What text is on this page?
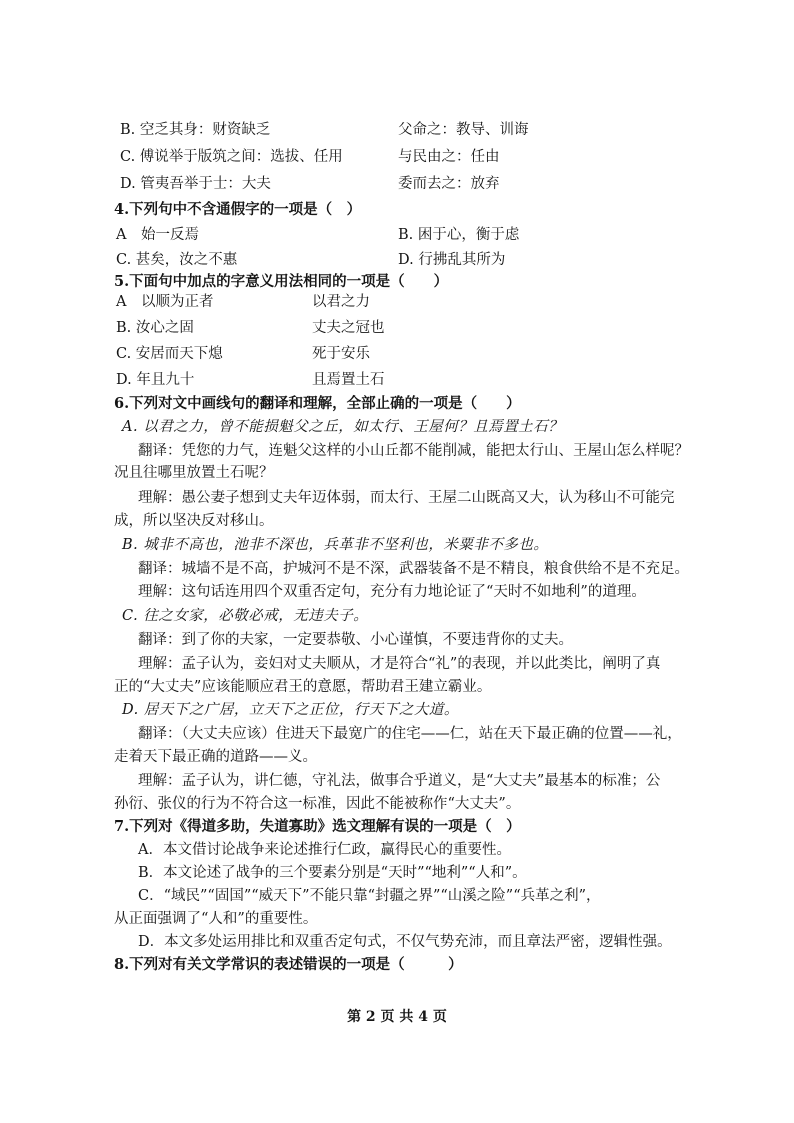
B. 空乏其身：财资缺乏	父命之：教导、训诲
C. 傅说举于版筑之间：选拔、任用	与民由之：任由
D. 管夷吾举于士：大夫	委而去之：放弃
4.下列句中不含通假字的一项是（　）
A　始一反焉	B. 困于心，衡于虑
C. 甚矣，汝之不惠	D. 行拂乱其所为
5.下面句中加点的字意义用法相同的一项是（　　）
A　以顺为正者	以君之力
B. 汝心之固	丈夫之冠也
C. 安居而天下熄	死于安乐
D. 年且九十	且焉置土石
6.下列对文中画线句的翻译和理解，全部止确的一项是（　　）
A. 以君之力，曾不能损魁父之丘，如太行、王屋何？且焉置土石？
翻译：凭您的力气，连魁父这样的小山丘都不能削减，能把太行山、王屋山怎么样呢？
况且往哪里放置土石呢？
理解：愚公妻子想到丈夫年迈体弱，而太行、王屋二山既高又大，认为移山不可能完
成，所以坚决反对移山。
B. 城非不高也，池非不深也，兵革非不坚利也，米粟非不多也。
翻译：城墙不是不高，护城河不是不深，武器装备不是不精良，粮食供给不是不充足。
理解：这句话连用四个双重否定句，充分有力地论证了“天时不如地利”的道理。
C. 往之女家，必敬必戒，无违夫子。
翻译：到了你的夫家，一定要恭敬、小心谨慎，不要违背你的丈夫。
理解：孟子认为，妾妇对丈夫顺从，才是符合“礼”的表现，并以此类比，阐明了真
正的“大丈夫”应该能顺应君王的意愿，帮助君王建立霸业。
D. 居天下之广居，立天下之正位，行天下之大道。
翻译：（大丈夫应该）住进天下最宽广的住宅——仁，站在天下最正确的位置——礼，
走着天下最正确的道路——义。
理解：孟子认为，讲仁德，守礼法，做事合乎道义，是“大丈夫”最基本的标准；公
孙衍、张仪的行为不符合这一标准，因此不能被称作“大丈夫”。
7.下列对《得道多助，失道寡助》选文理解有误的一项是（　）
A．本文借讨论战争来论述推行仁政，赢得民心的重要性。
B．本文论述了战争的三个要素分别是“天时”“地利”“人和”。
C．“域民”“固国”“威天下”不能只靠“封疆之界”“山溪之险”“兵革之利”，
从正面强调了“人和”的重要性。
D．本文多处运用排比和双重否定句式，不仅气势充沛，而且章法严密，逻辑性强。
8.下列对有关文学常识的表述错误的一项是（　　　）
第 2 页 共 4 页
